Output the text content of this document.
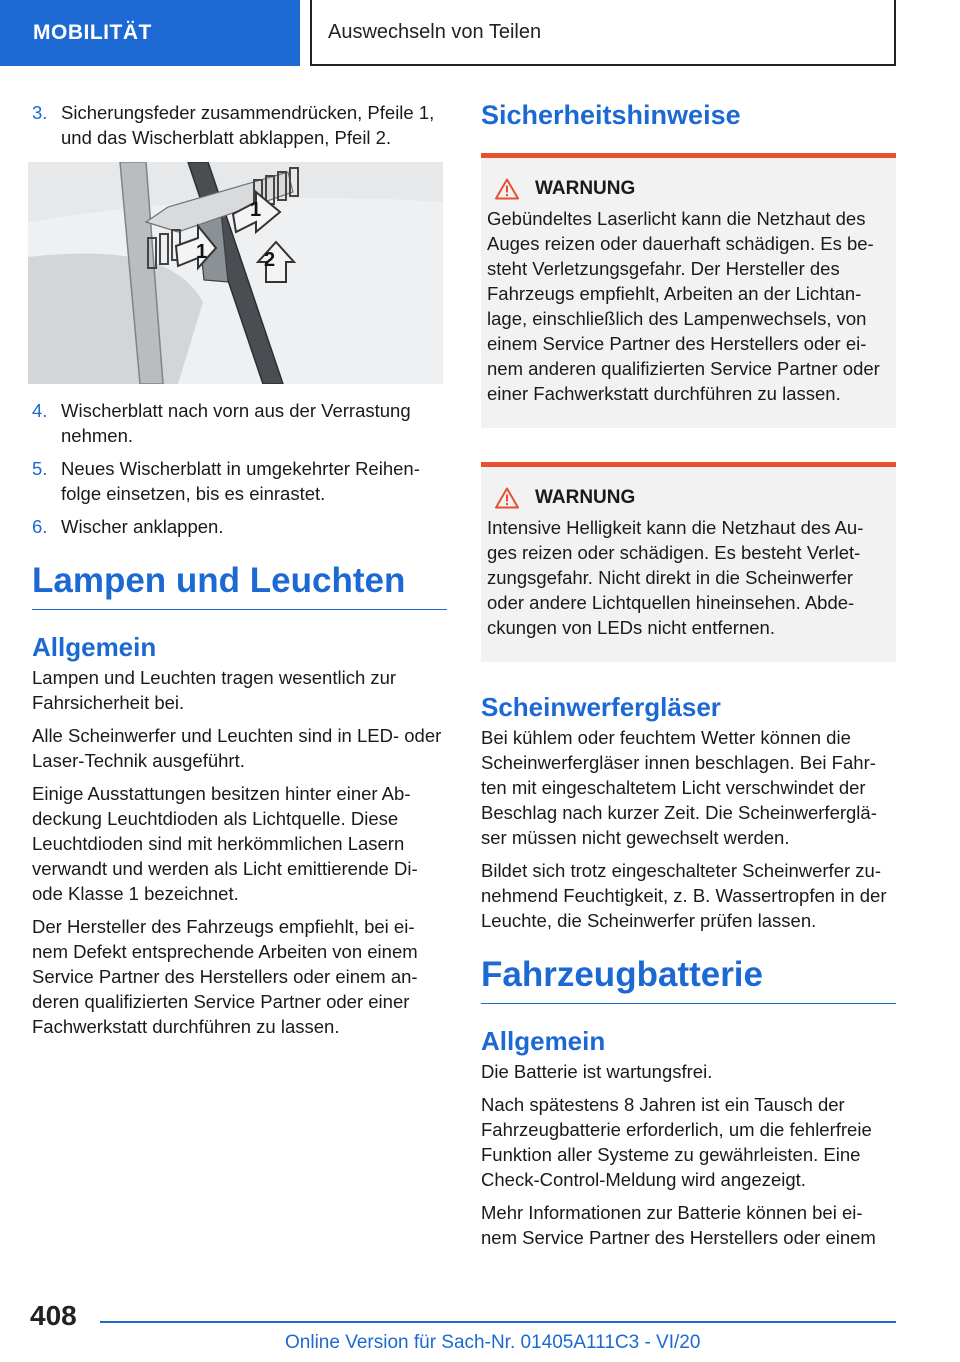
MOBILITÄT	Auswechseln von Teilen
3. Sicherungsfeder zusammendrücken, Pfeile 1, und das Wischerblatt abklappen, Pfeil 2.
1
1	2
4. Wischerblatt nach vorn aus der Verrastung nehmen.
5. Neues Wischerblatt in umgekehrter Reihen-folge einsetzen, bis es einrastet.
6. Wischer anklappen.
Lampen und Leuchten
Allgemein

Lampen und Leuchten tragen wesentlich zur Fahrsicherheit bei.

Alle Scheinwerfer und Leuchten sind in LED- oder Laser-Technik ausgeführt.

Einige Ausstattungen besitzen hinter einer Ab-deckung Leuchtdioden als Lichtquelle. Diese Leuchtdioden sind mit herkömmlichen Lasern verwandt und werden als Licht emittierende Di-ode Klasse 1 bezeichnet.

Der Hersteller des Fahrzeugs empfiehlt, bei ei-nem Defekt entsprechende Arbeiten von einem Service Partner des Herstellers oder einem an-deren qualifizierten Service Partner oder einer Fachwerkstatt durchführen zu lassen.

Sicherheitshinweise
WARNUNG

Gebündeltes Laserlicht kann die Netzhaut des Auges reizen oder dauerhaft schädigen. Es be-steht Verletzungsgefahr. Der Hersteller des Fahrzeugs empfiehlt, Arbeiten an der Lichtan-lage, einschließlich des Lampenwechsels, von einem Service Partner des Herstellers oder ei-nem anderen qualifizierten Service Partner oder einer Fachwerkstatt durchführen zu lassen.

WARNUNG

Intensive Helligkeit kann die Netzhaut des Au-ges reizen oder schädigen. Es besteht Verlet-zungsgefahr. Nicht direkt in die Scheinwerfer oder andere Lichtquellen hineinsehen. Abde-ckungen von LEDs nicht entfernen.

Scheinwerfergläser

Bei kühlem oder feuchtem Wetter können die Scheinwerfergläser innen beschlagen. Bei Fahr-ten mit eingeschaltetem Licht verschwindet der Beschlag nach kurzer Zeit. Die Scheinwerferglä-ser müssen nicht gewechselt werden.

Bildet sich trotz eingeschalteter Scheinwerfer zu-nehmend Feuchtigkeit, z. B. Wassertropfen in der Leuchte, die Scheinwerfer prüfen lassen.

Fahrzeugbatterie
Allgemein

Die Batterie ist wartungsfrei.

Nach spätestens 8 Jahren ist ein Tausch der Fahrzeugbatterie erforderlich, um die fehlerfreie Funktion aller Systeme zu gewährleisten. Eine Check-Control-Meldung wird angezeigt.

Mehr Informationen zur Batterie können bei ei-nem Service Partner des Herstellers oder einem

408
Online Version für Sach-Nr. 01405A111C3 - VI/20
